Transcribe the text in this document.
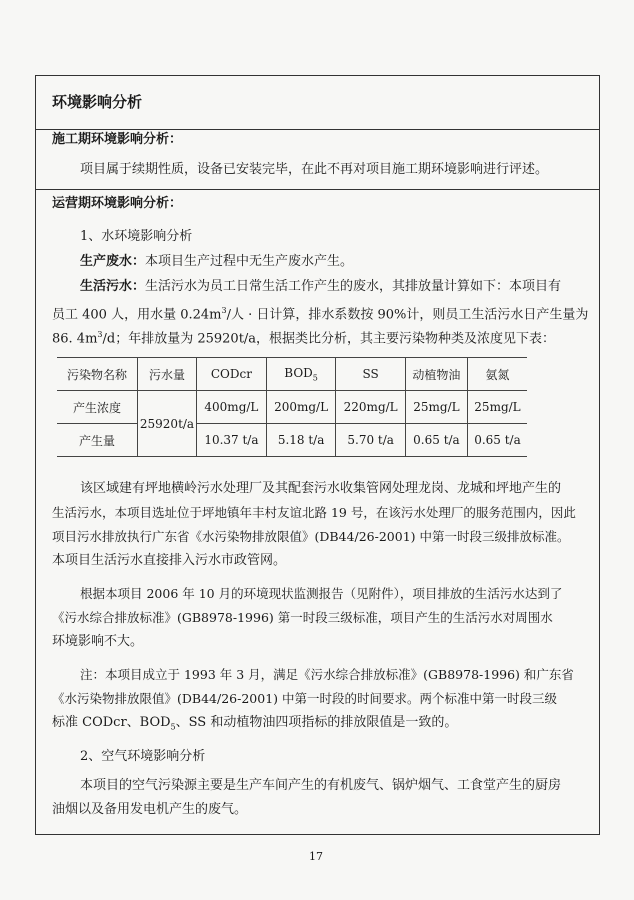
环境影响分析
施工期环境影响分析：
项目属于续期性质，设备已安装完毕，在此不再对项目施工期环境影响进行评述。
运营期环境影响分析：
1、水环境影响分析
生产废水：本项目生产过程中无生产废水产生。
生活污水：生活污水为员工日常生活工作产生的废水，其排放量计算如下：本项目有
员工 400 人，用水量 $0.24m^3/$人 · 日计算，排水系数按 90%计，则员工生活污水日产生量为
86. $4m^3/d$；年排放量为 25920t/a，根据类比分析，其主要污染物种类及浓度见下表：
污染物名称	污水量	CODcr	$BOD_5$	SS	动植物油	氨氮
产生浓度	25920t/a	400mg/L	200mg/L	220mg/L	25mg/L	25mg/L
产生量		10.37 t/a	5.18 t/a	5.70 t/a	0.65 t/a	0.65 t/a
该区域建有坪地横岭污水处理厂及其配套污水收集管网处理龙岗、龙城和坪地产生的
生活污水，本项目选址位于坪地镇年丰村友谊北路 19 号，在该污水处理厂的服务范围内，因此
项目污水排放执行广东省《水污染物排放限值》(DB44/26-2001) 中第一时段三级排放标准。
本项目生活污水直接排入污水市政管网。
根据本项目 2006 年 10 月的环境现状监测报告（见附件），项目排放的生活污水达到了
《污水综合排放标准》(GB8978-1996) 第一时段三级标准，项目产生的生活污水对周围水
环境影响不大。
注：本项目成立于 1993 年 3 月，满足《污水综合排放标准》(GB8978-1996) 和广东省
《水污染物排放限值》(DB44/26-2001) 中第一时段的时间要求。两个标准中第一时段三级
标准 CODcr、$BOD_5$、SS 和动植物油四项指标的排放限值是一致的。
2、空气环境影响分析
本项目的空气污染源主要是生产车间产生的有机废气、锅炉烟气、工食堂产生的厨房
油烟以及备用发电机产生的废气。
17
